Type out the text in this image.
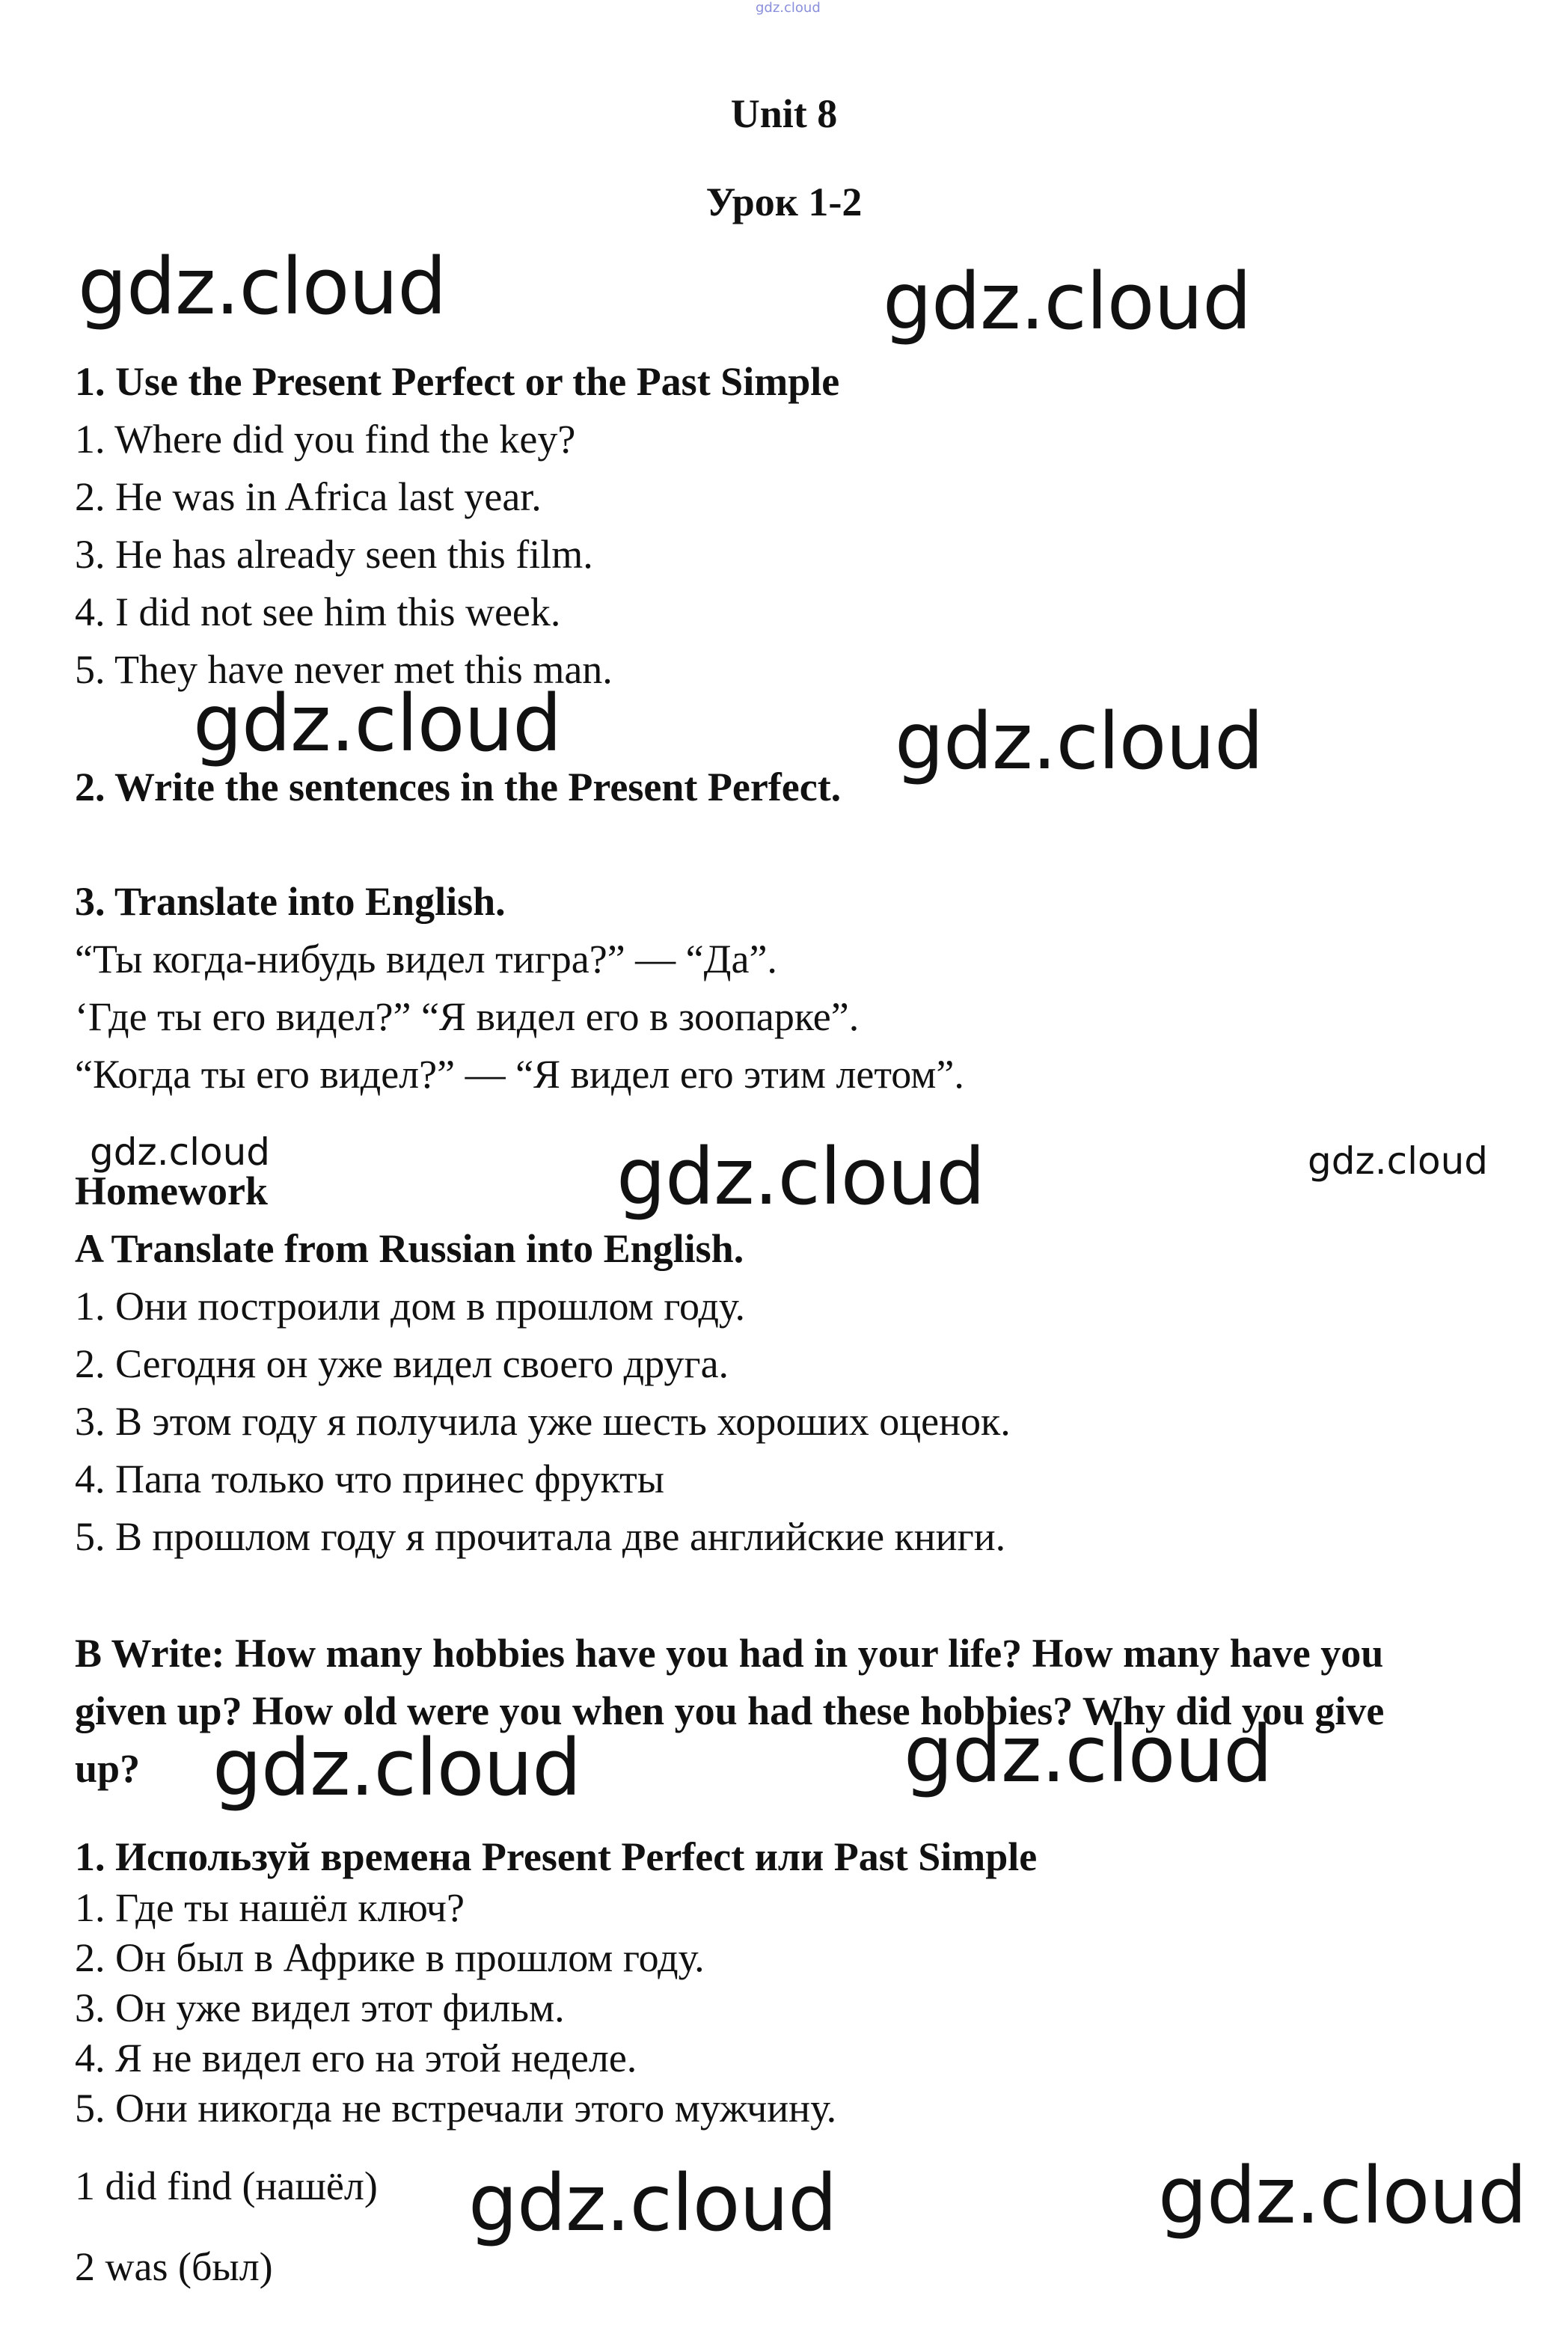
gdz.cloud
Unit 8
Урок 1-2
1. Use the Present Perfect or the Past Simple
1. Where did you find the key?
2. He was in Africa last year.
3. He has already seen this film.
4. I did not see him this week.
5. They have never met this man.
2. Write the sentences in the Present Perfect.
3. Translate into English.
“Ты когда-нибудь видел тигра?” — “Да”.
‘Где ты его видел?” “Я видел его в зоопарке”.
“Когда ты его видел?” — “Я видел его этим летом”.
Homework
A Translate from Russian into English.
1. Они построили дом в прошлом году.
2. Сегодня он уже видел своего друга.
3. В этом году я получила уже шесть хороших оценок.
4. Папа только что принес фрукты
5. В прошлом году я прочитала две английские книги.
B Write: How many hobbies have you had in your life? How many have you
given up? How old were you when you had these hobbies? Why did you give
up?
1. Используй времена Present Perfect или Past Simple
1. Где ты нашёл ключ?
2. Он был в Африке в прошлом году.
3. Он уже видел этот фильм.
4. Я не видел его на этой неделе.
5. Они никогда не встречали этого мужчину.
1 did find (нашёл)
2 was (был)
gdz.cloud	gdz.cloud
gdz.cloud	gdz.cloud
gdz.cloud	gdz.cloud	gdz.cloud
gdz.cloud	gdz.cloud
gdz.cloud	gdz.cloud
